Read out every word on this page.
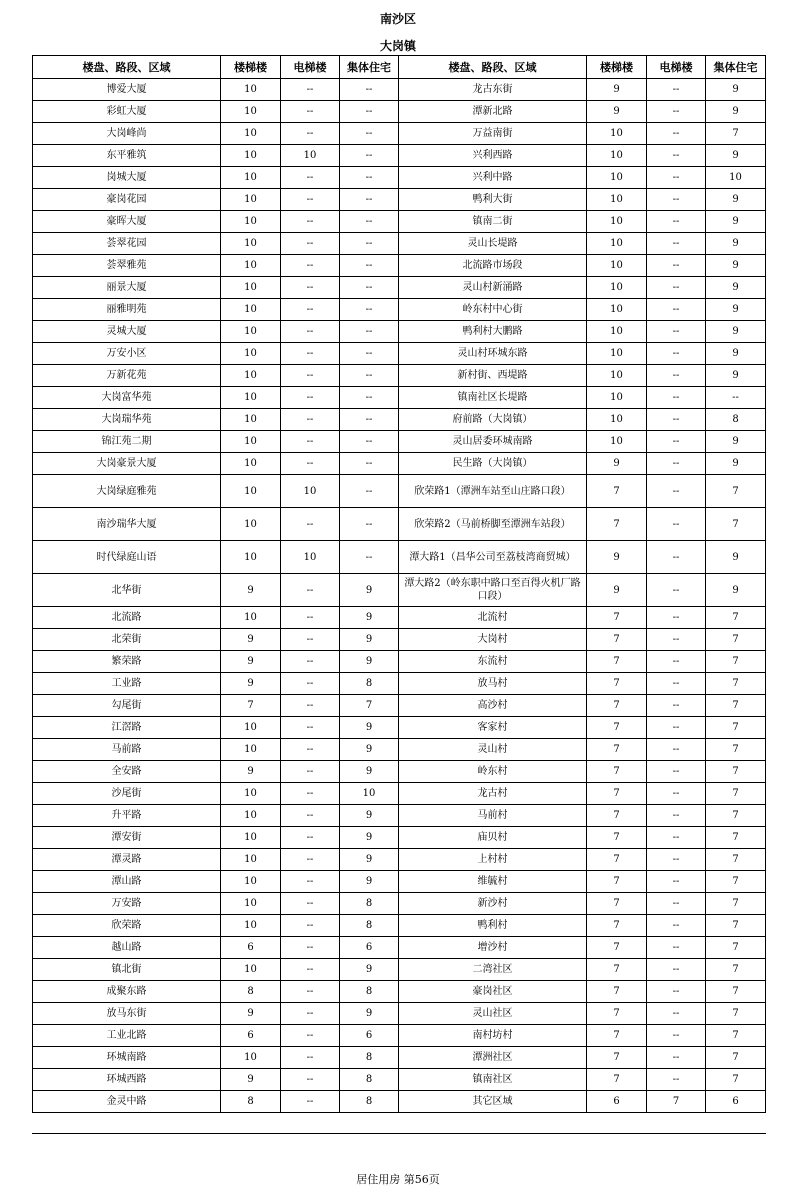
南沙区
大岗镇
楼盘、路段、区域	楼梯楼	电梯楼	集体住宅	楼盘、路段、区域	楼梯楼	电梯楼	集体住宅
博爱大厦	10	--	--	龙古东街	9	--	9
彩虹大厦	10	--	--	潭新北路	9	--	9
大岗峰尚	10	--	--	万益南街	10	--	7
东平雅筑	10	10	--	兴利西路	10	--	9
岗城大厦	10	--	--	兴利中路	10	--	10
豪岗花园	10	--	--	鸭利大街	10	--	9
豪晖大厦	10	--	--	镇南二街	10	--	9
荟翠花园	10	--	--	灵山长堤路	10	--	9
荟翠雅苑	10	--	--	北流路市场段	10	--	9
丽景大厦	10	--	--	灵山村新涌路	10	--	9
丽雅明苑	10	--	--	岭东村中心街	10	--	9
灵城大厦	10	--	--	鸭利村大鹏路	10	--	9
万安小区	10	--	--	灵山村环城东路	10	--	9
万新花苑	10	--	--	新村街、西堤路	10	--	9
大岗富华苑	10	--	--	镇南社区长堤路	10	--	--
大岗瑞华苑	10	--	--	府前路（大岗镇）	10	--	8
锦江苑二期	10	--	--	灵山居委环城南路	10	--	9
大岗豪景大厦	10	--	--	民生路（大岗镇）	9	--	9
大岗绿庭雅苑	10	10	--	欣荣路1（潭洲车站至山庄路口段）	7	--	7
南沙瑞华大厦	10	--	--	欣荣路2（马前桥脚至潭洲车站段）	7	--	7
时代绿庭山语	10	10	--	潭大路1（昌华公司至荔枝湾商贸城）	9	--	9
北华街	9	--	9	潭大路2（岭东职中路口至百得火机厂路口段）	9	--	9
北流路	10	--	9	北流村	7	--	7
北荣街	9	--	9	大岗村	7	--	7
繁荣路	9	--	9	东流村	7	--	7
工业路	9	--	8	放马村	7	--	7
勾尾街	7	--	7	高沙村	7	--	7
江滘路	10	--	9	客家村	7	--	7
马前路	10	--	9	灵山村	7	--	7
全安路	9	--	9	岭东村	7	--	7
沙尾街	10	--	10	龙古村	7	--	7
升平路	10	--	9	马前村	7	--	7
潭安街	10	--	9	庙贝村	7	--	7
潭灵路	10	--	9	上村村	7	--	7
潭山路	10	--	9	维毓村	7	--	7
万安路	10	--	8	新沙村	7	--	7
欣荣路	10	--	8	鸭利村	7	--	7
越山路	6	--	6	增沙村	7	--	7
镇北街	10	--	9	二湾社区	7	--	7
成聚东路	8	--	8	豪岗社区	7	--	7
放马东街	9	--	9	灵山社区	7	--	7
工业北路	6	--	6	南村坊村	7	--	7
环城南路	10	--	8	潭洲社区	7	--	7
环城西路	9	--	8	镇南社区	7	--	7
金灵中路	8	--	8	其它区域	6	7	6
居住用房 第56页
